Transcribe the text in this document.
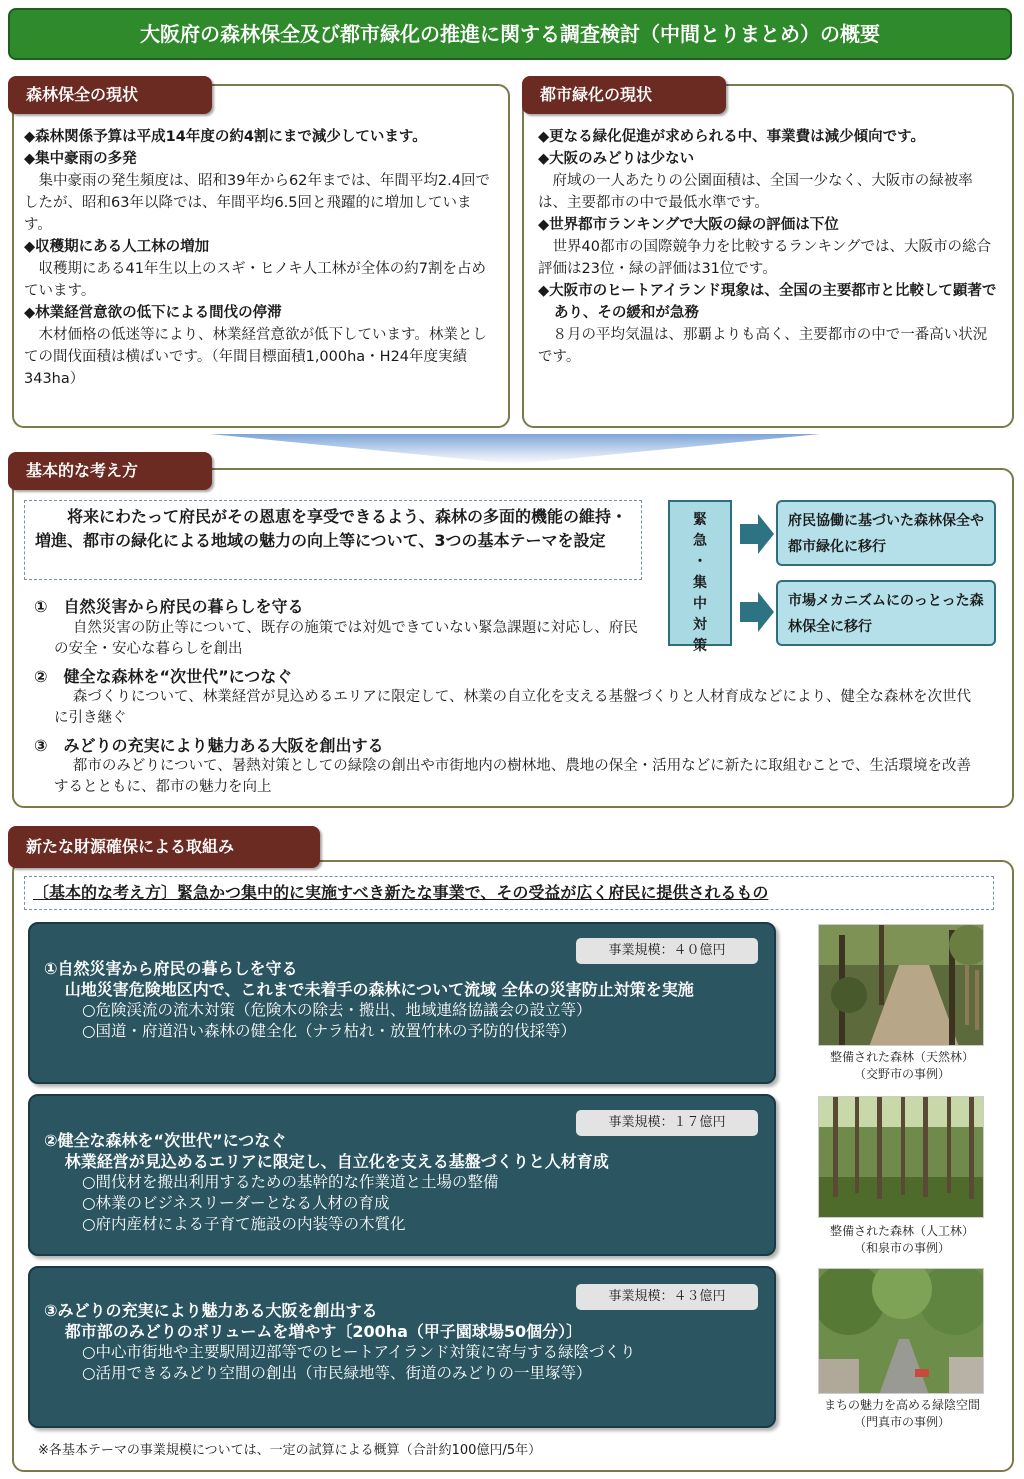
大阪府の森林保全及び都市緑化の推進に関する調査検討（中間とりまとめ）の概要
森林保全の現状
◆森林関係予算は平成14年度の約4割にまで減少しています。
◆集中豪雨の多発
集中豪雨の発生頻度は、昭和39年から62年までは、年間平均2.4回でしたが、昭和63年以降では、年間平均6.5回と飛躍的に増加しています。
◆収穫期にある人工林の増加
収穫期にある41年生以上のスギ・ヒノキ人工林が全体の約7割を占めています。
◆林業経営意欲の低下による間伐の停滞
木材価格の低迷等により、林業経営意欲が低下しています。林業としての間伐面積は横ばいです。（年間目標面積1,000ha・H24年度実績343ha）
都市緑化の現状
◆更なる緑化促進が求められる中、事業費は減少傾向です。
◆大阪のみどりは少ない
府域の一人あたりの公園面積は、全国一少なく、大阪市の緑被率は、主要都市の中で最低水準です。
◆世界都市ランキングで大阪の緑の評価は下位
世界40都市の国際競争力を比較するランキングでは、大阪市の総合評価は23位・緑の評価は31位です。
◆大阪市のヒートアイランド現象は、全国の主要都市と比較して顕著であり、その緩和が急務
８月の平均気温は、那覇よりも高く、主要都市の中で一番高い状況です。
基本的な考え方
将来にわたって府民がその恩恵を享受できるよう、森林の多面的機能の維持・増進、都市の緑化による地域の魅力の向上等について、3つの基本テーマを設定
緊
急
・
集
中
対
策
府民協働に基づいた森林保全や都市緑化に移行
市場メカニズムにのっとった森林保全に移行
①　自然災害から府民の暮らしを守る
自然災害の防止等について、既存の施策では対処できていない緊急課題に対応し、府民の安全・安心な暮らしを創出
②　健全な森林を“次世代”につなぐ
森づくりについて、林業経営が見込めるエリアに限定して、林業の自立化を支える基盤づくりと人材育成などにより、健全な森林を次世代に引き継ぐ
③　みどりの充実により魅力ある大阪を創出する
都市のみどりについて、暑熱対策としての緑陰の創出や市街地内の樹林地、農地の保全・活用などに新たに取組むことで、生活環境を改善するとともに、都市の魅力を向上
新たな財源確保による取組み
〔基本的な考え方〕緊急かつ集中的に実施すべき新たな事業で、その受益が広く府民に提供されるもの
事業規模：４０億円
①自然災害から府民の暮らしを守る
山地災害危険地区内で、これまで未着手の森林について流域 全体の災害防止対策を実施
○危険渓流の流木対策（危険木の除去・搬出、地域連絡協議会の設立等）
○国道・府道沿い森林の健全化（ナラ枯れ・放置竹林の予防的伐採等）
事業規模：１７億円
②健全な森林を“次世代”につなぐ
林業経営が見込めるエリアに限定し、自立化を支える基盤づくりと人材育成
○間伐材を搬出利用するための基幹的な作業道と土場の整備
○林業のビジネスリーダーとなる人材の育成
○府内産材による子育て施設の内装等の木質化
事業規模：４３億円
③みどりの充実により魅力ある大阪を創出する
都市部のみどりのボリュームを増やす〔200ha（甲子園球場50個分）〕
○中心市街地や主要駅周辺部等でのヒートアイランド対策に寄与する緑陰づくり
○活用できるみどり空間の創出（市民緑地等、街道のみどりの一里塚等）
整備された森林（天然林）
（交野市の事例）
整備された森林（人工林）
（和泉市の事例）
まちの魅力を高める緑陰空間
（門真市の事例）
※各基本テーマの事業規模については、一定の試算による概算（合計約100億円/5年）
